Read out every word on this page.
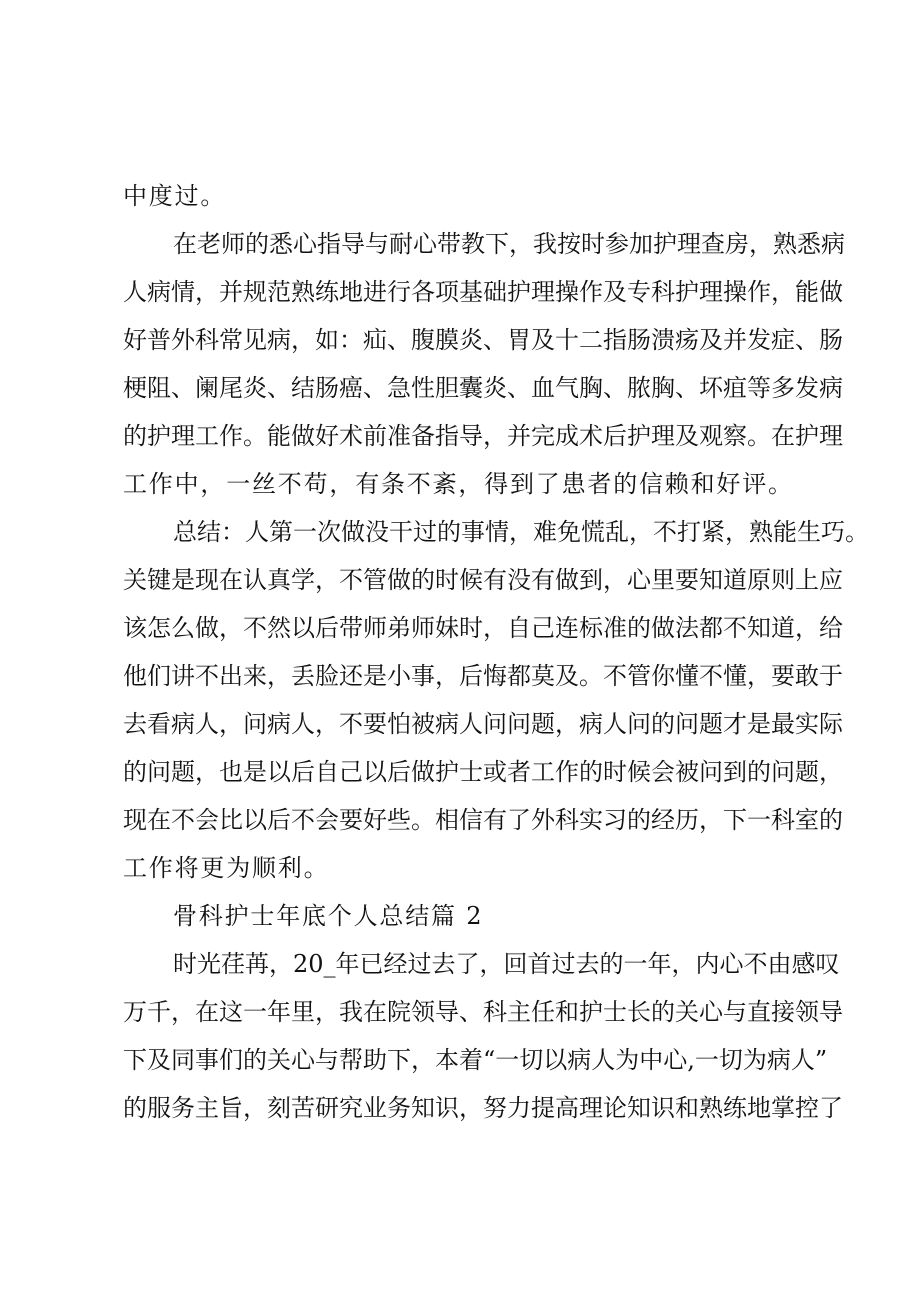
中度过。
在老师的悉心指导与耐心带教下，我按时参加护理查房，熟悉病
人病情，并规范熟练地进行各项基础护理操作及专科护理操作，能做
好普外科常见病，如：疝、腹膜炎、胃及十二指肠溃疡及并发症、肠
梗阻、阑尾炎、结肠癌、急性胆囊炎、血气胸、脓胸、坏疽等多发病
的护理工作。能做好术前准备指导，并完成术后护理及观察。在护理
工作中，一丝不苟，有条不紊，得到了患者的信赖和好评。
总结：人第一次做没干过的事情，难免慌乱，不打紧，熟能生巧。
关键是现在认真学，不管做的时候有没有做到，心里要知道原则上应
该怎么做，不然以后带师弟师妹时，自己连标准的做法都不知道，给
他们讲不出来，丢脸还是小事，后悔都莫及。不管你懂不懂，要敢于
去看病人，问病人，不要怕被病人问问题，病人问的问题才是最实际
的问题，也是以后自己以后做护士或者工作的时候会被问到的问题，
现在不会比以后不会要好些。相信有了外科实习的经历，下一科室的
工作将更为顺利。
骨科护士年底个人总结篇 2
时光荏苒，20_年已经过去了，回首过去的一年，内心不由感叹
万千，在这一年里，我在院领导、科主任和护士长的关心与直接领导
下及同事们的关心与帮助下，本着“一切以病人为中心,一切为病人”
的服务主旨，刻苦研究业务知识，努力提高理论知识和熟练地掌控了
